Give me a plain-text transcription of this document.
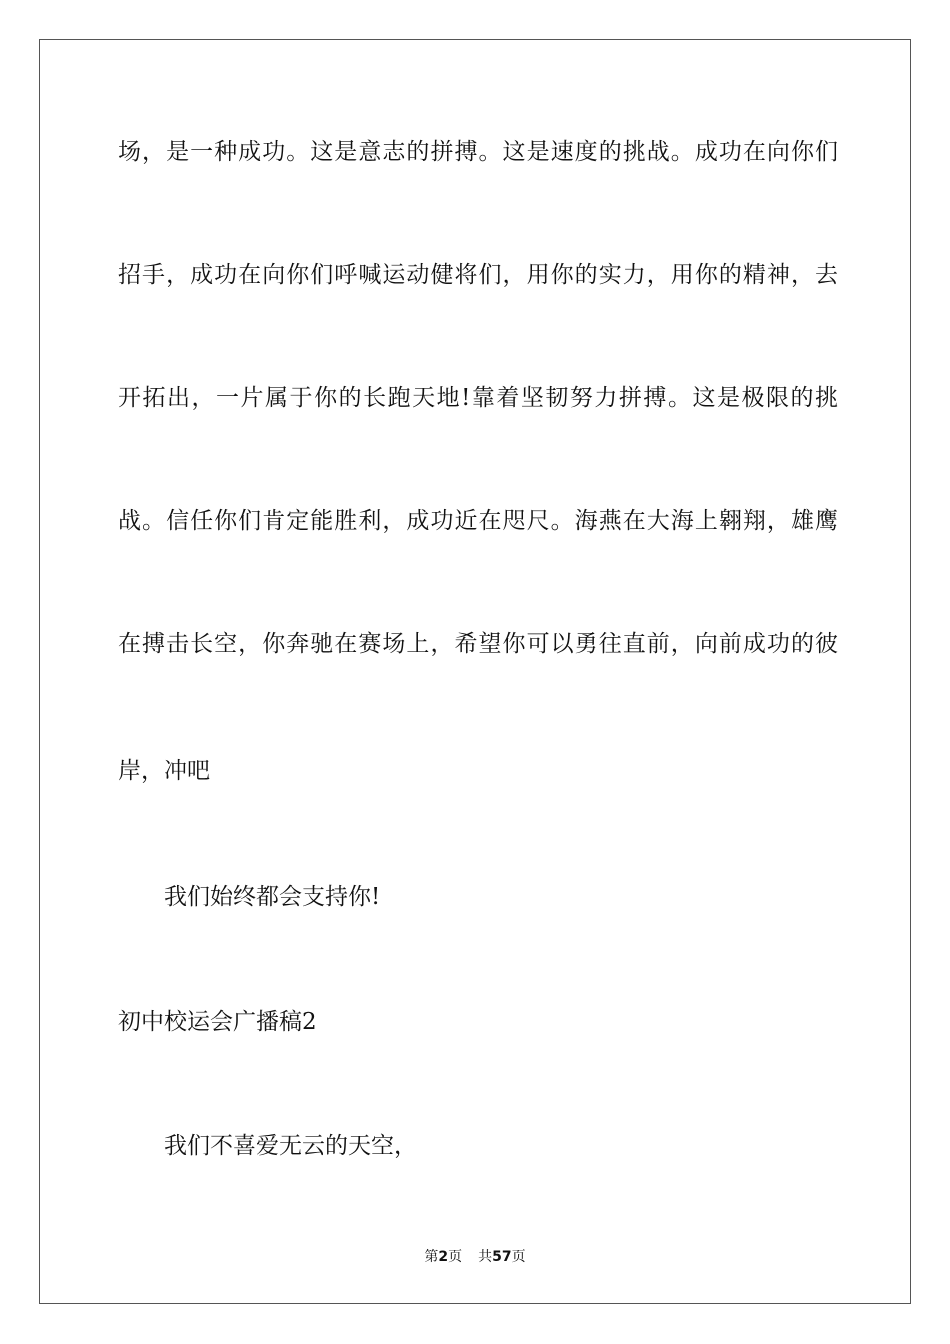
场，是一种成功。这是意志的拼搏。这是速度的挑战。成功在向你们
招手，成功在向你们呼喊运动健将们，用你的实力，用你的精神，去
开拓出，一片属于你的长跑天地!靠着坚韧努力拼搏。这是极限的挑
战。信任你们肯定能胜利，成功近在咫尺。海燕在大海上翱翔，雄鹰
在搏击长空，你奔驰在赛场上，希望你可以勇往直前，向前成功的彼
岸，冲吧
我们始终都会支持你!
初中校运会广播稿2
我们不喜爱无云的天空，
第2页 共57页
